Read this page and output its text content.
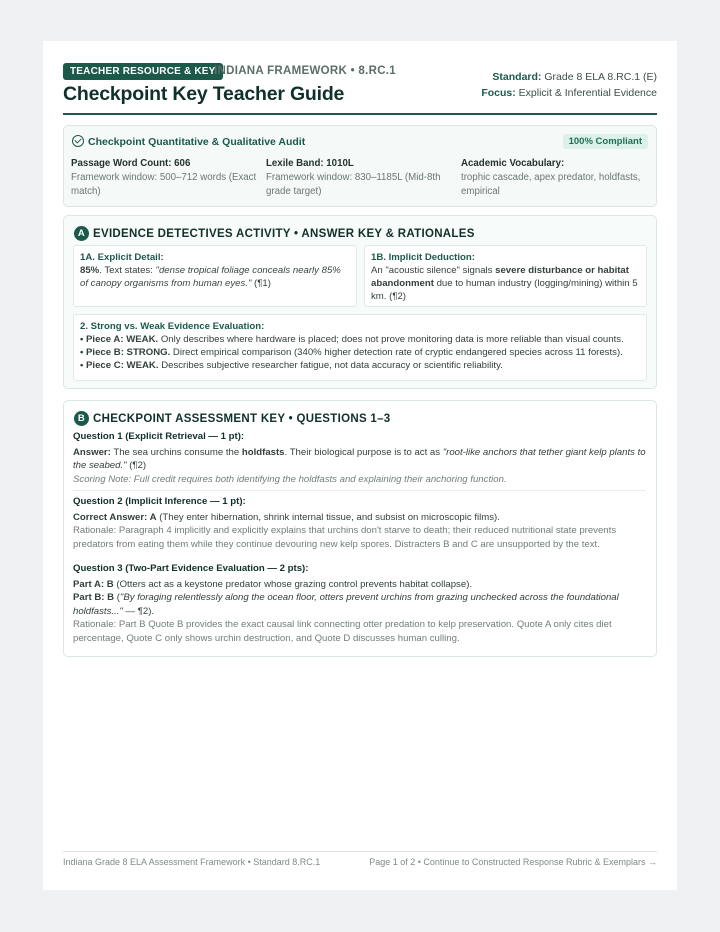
TEACHER RESOURCE & KEY
INDIANA FRAMEWORK • 8.RC.1
Checkpoint Key Teacher Guide
Standard: Grade 8 ELA 8.RC.1 (E)
Focus: Explicit & Inferential Evidence
Checkpoint Quantitative & Qualitative Audit	100% Compliant
Passage Word Count: 606
Framework window: 500–712 words (Exact match)
Lexile Band: 1010L
Framework window: 830–1185L (Mid-8th grade target)
Academic Vocabulary:
trophic cascade, apex predator, holdfasts, empirical
A EVIDENCE DETECTIVES ACTIVITY • ANSWER KEY & RATIONALES
1A. Explicit Detail:
85%. Text states: "dense tropical foliage conceals nearly 85% of canopy organisms from human eyes." (¶1)
1B. Implicit Deduction:
An "acoustic silence" signals severe disturbance or habitat abandonment due to human industry (logging/mining) within 5 km. (¶2)
2. Strong vs. Weak Evidence Evaluation:
• Piece A: WEAK. Only describes where hardware is placed; does not prove monitoring data is more reliable than visual counts.
• Piece B: STRONG. Direct empirical comparison (340% higher detection rate of cryptic endangered species across 11 forests).
• Piece C: WEAK. Describes subjective researcher fatigue, not data accuracy or scientific reliability.
B CHECKPOINT ASSESSMENT KEY • QUESTIONS 1–3
Question 1 (Explicit Retrieval — 1 pt):
Answer: The sea urchins consume the holdfasts. Their biological purpose is to act as "root-like anchors that tether giant kelp plants to the seabed." (¶2)
Scoring Note: Full credit requires both identifying the holdfasts and explaining their anchoring function.
Question 2 (Implicit Inference — 1 pt):
Correct Answer: A (They enter hibernation, shrink internal tissue, and subsist on microscopic films).
Rationale: Paragraph 4 implicitly and explicitly explains that urchins don't starve to death; their reduced nutritional state prevents predators from eating them while they continue devouring new kelp spores. Distracters B and C are unsupported by the text.
Question 3 (Two-Part Evidence Evaluation — 2 pts):
Part A: B (Otters act as a keystone predator whose grazing control prevents habitat collapse).
Part B: B ("By foraging relentlessly along the ocean floor, otters prevent urchins from grazing unchecked across the foundational holdfasts..." — ¶2).
Rationale: Part B Quote B provides the exact causal link connecting otter predation to kelp preservation. Quote A only cites diet percentage, Quote C only shows urchin destruction, and Quote D discusses human culling.
Indiana Grade 8 ELA Assessment Framework • Standard 8.RC.1	Page 1 of 2 • Continue to Constructed Response Rubric & Exemplars →
